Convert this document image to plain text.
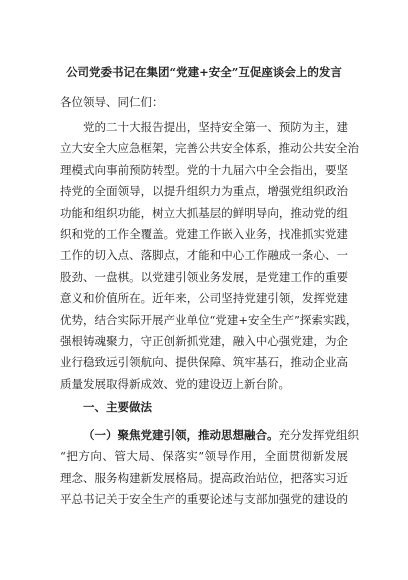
公司党委书记在集团“党建+安全”互促座谈会上的发言
各位领导、同仁们：
党的二十大报告提出，坚持安全第一、预防为主，建
立大安全大应急框架，完善公共安全体系，推动公共安全治
理模式向事前预防转型。党的十九届六中全会指出，要坚
持党的全面领导，以提升组织力为重点，增强党组织政治
功能和组织功能，树立大抓基层的鲜明导向，推动党的组
织和党的工作全覆盖。党建工作嵌入业务，找准抓实党建
工作的切入点、落脚点，才能和中心工作融成一条心、一
股劲、一盘棋。以党建引领业务发展，是党建工作的重要
意义和价值所在。近年来，公司坚持党建引领，发挥党建
优势，结合实际开展产业单位“党建+安全生产”探索实践，
强根铸魂聚力，守正创新抓党建，融入中心强党建，为企
业行稳致远引领航向、提供保障、筑牢基石，推动企业高
质量发展取得新成效、党的建设迈上新台阶。
一、主要做法
（一）聚焦党建引领，推动思想融合。充分发挥党组织
“把方向、管大局、保落实”领导作用，全面贯彻新发展
理念、服务构建新发展格局。提高政治站位，把落实习近
平总书记关于安全生产的重要论述与支部加强党的建设的
